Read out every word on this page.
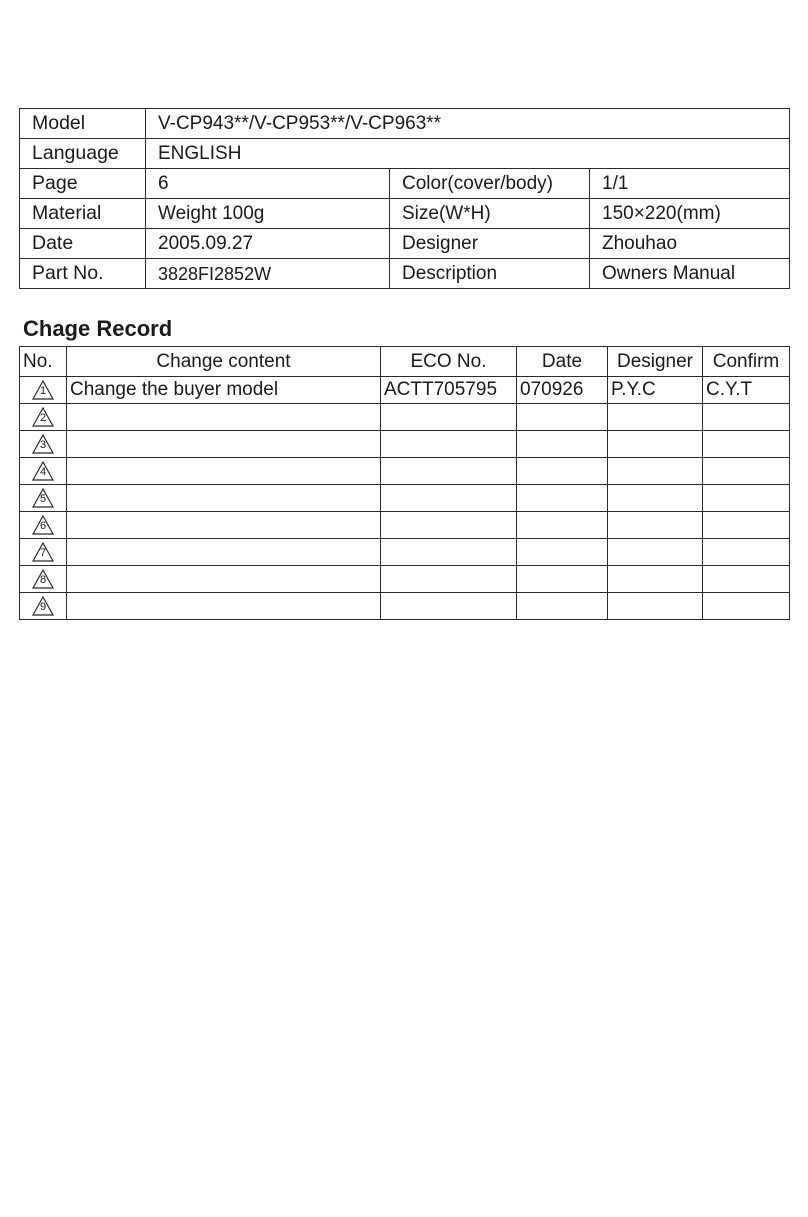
Model	V-CP943**/V-CP953**/V-CP963**		
Language	ENGLISH		
Page	6	Color(cover/body)	1/1
Material	Weight 100g	Size(W*H)	150×220(mm)
Date	2005.09.27	Designer	Zhouhao
Part No.	3828FI2852W	Description	Owners Manual
Chage Record
No.	Change content	ECO No.	Date	Designer	Confirm

1	Change the buyer model	ACTT705795	070926	P.Y.C	C.Y.T

2					

3					

4					

5					

6					

7					

8					

9					
